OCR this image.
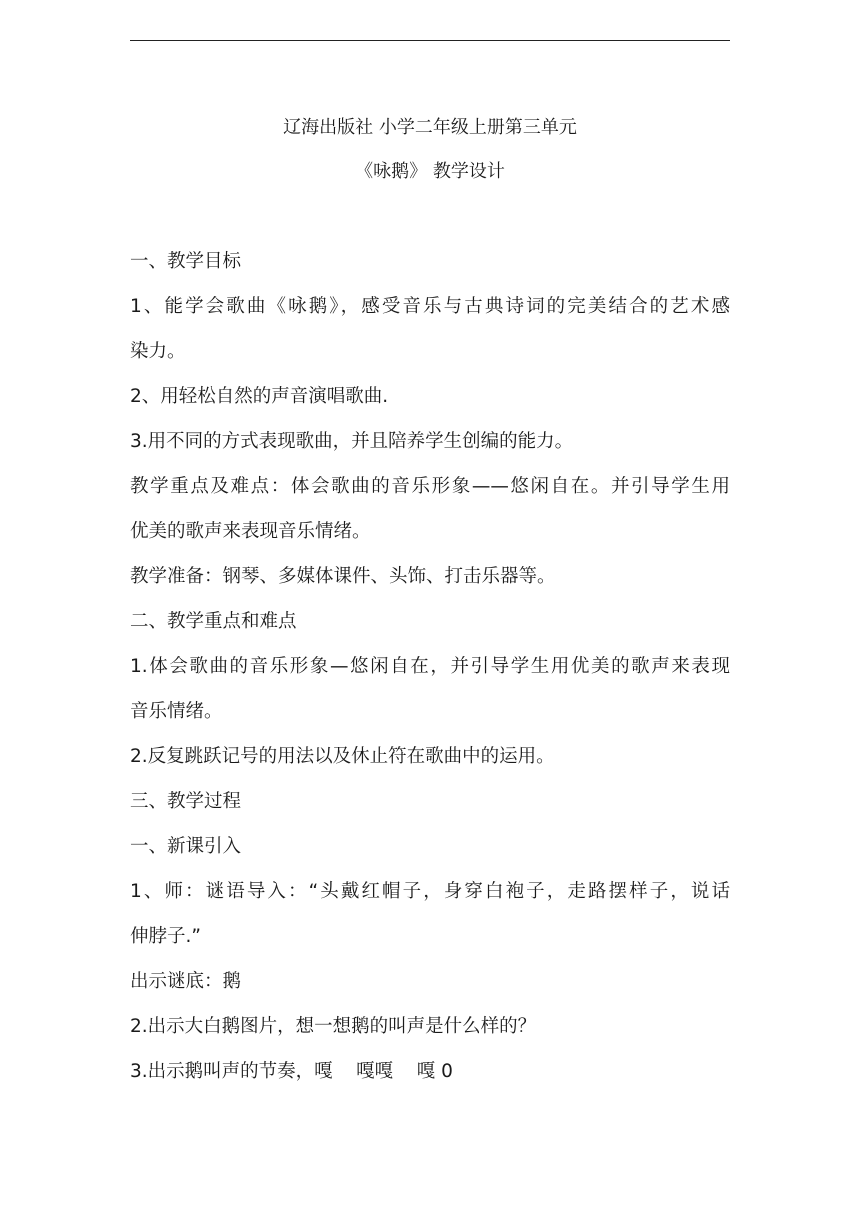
辽海出版社 小学二年级上册第三单元
《咏鹅》 教学设计
一、教学目标
1、能学会歌曲《咏鹅》，感受音乐与古典诗词的完美结合的艺术感
染力。
2、用轻松自然的声音演唱歌曲.
3.用不同的方式表现歌曲，并且陪养学生创编的能力。
教学重点及难点：体会歌曲的音乐形象——悠闲自在。并引导学生用
优美的歌声来表现音乐情绪。
教学准备：钢琴、多媒体课件、头饰、打击乐器等。
二、教学重点和难点
1.体会歌曲的音乐形象—悠闲自在，并引导学生用优美的歌声来表现
音乐情绪。
2.反复跳跃记号的用法以及休止符在歌曲中的运用。
三、教学过程
一、新课引入
1、师：谜语导入：“头戴红帽子，身穿白袍子，走路摆样子，说话
伸脖子.”
出示谜底：鹅
2.出示大白鹅图片，想一想鹅的叫声是什么样的？
3.出示鹅叫声的节奏，嘎    嘎嘎    嘎 0
